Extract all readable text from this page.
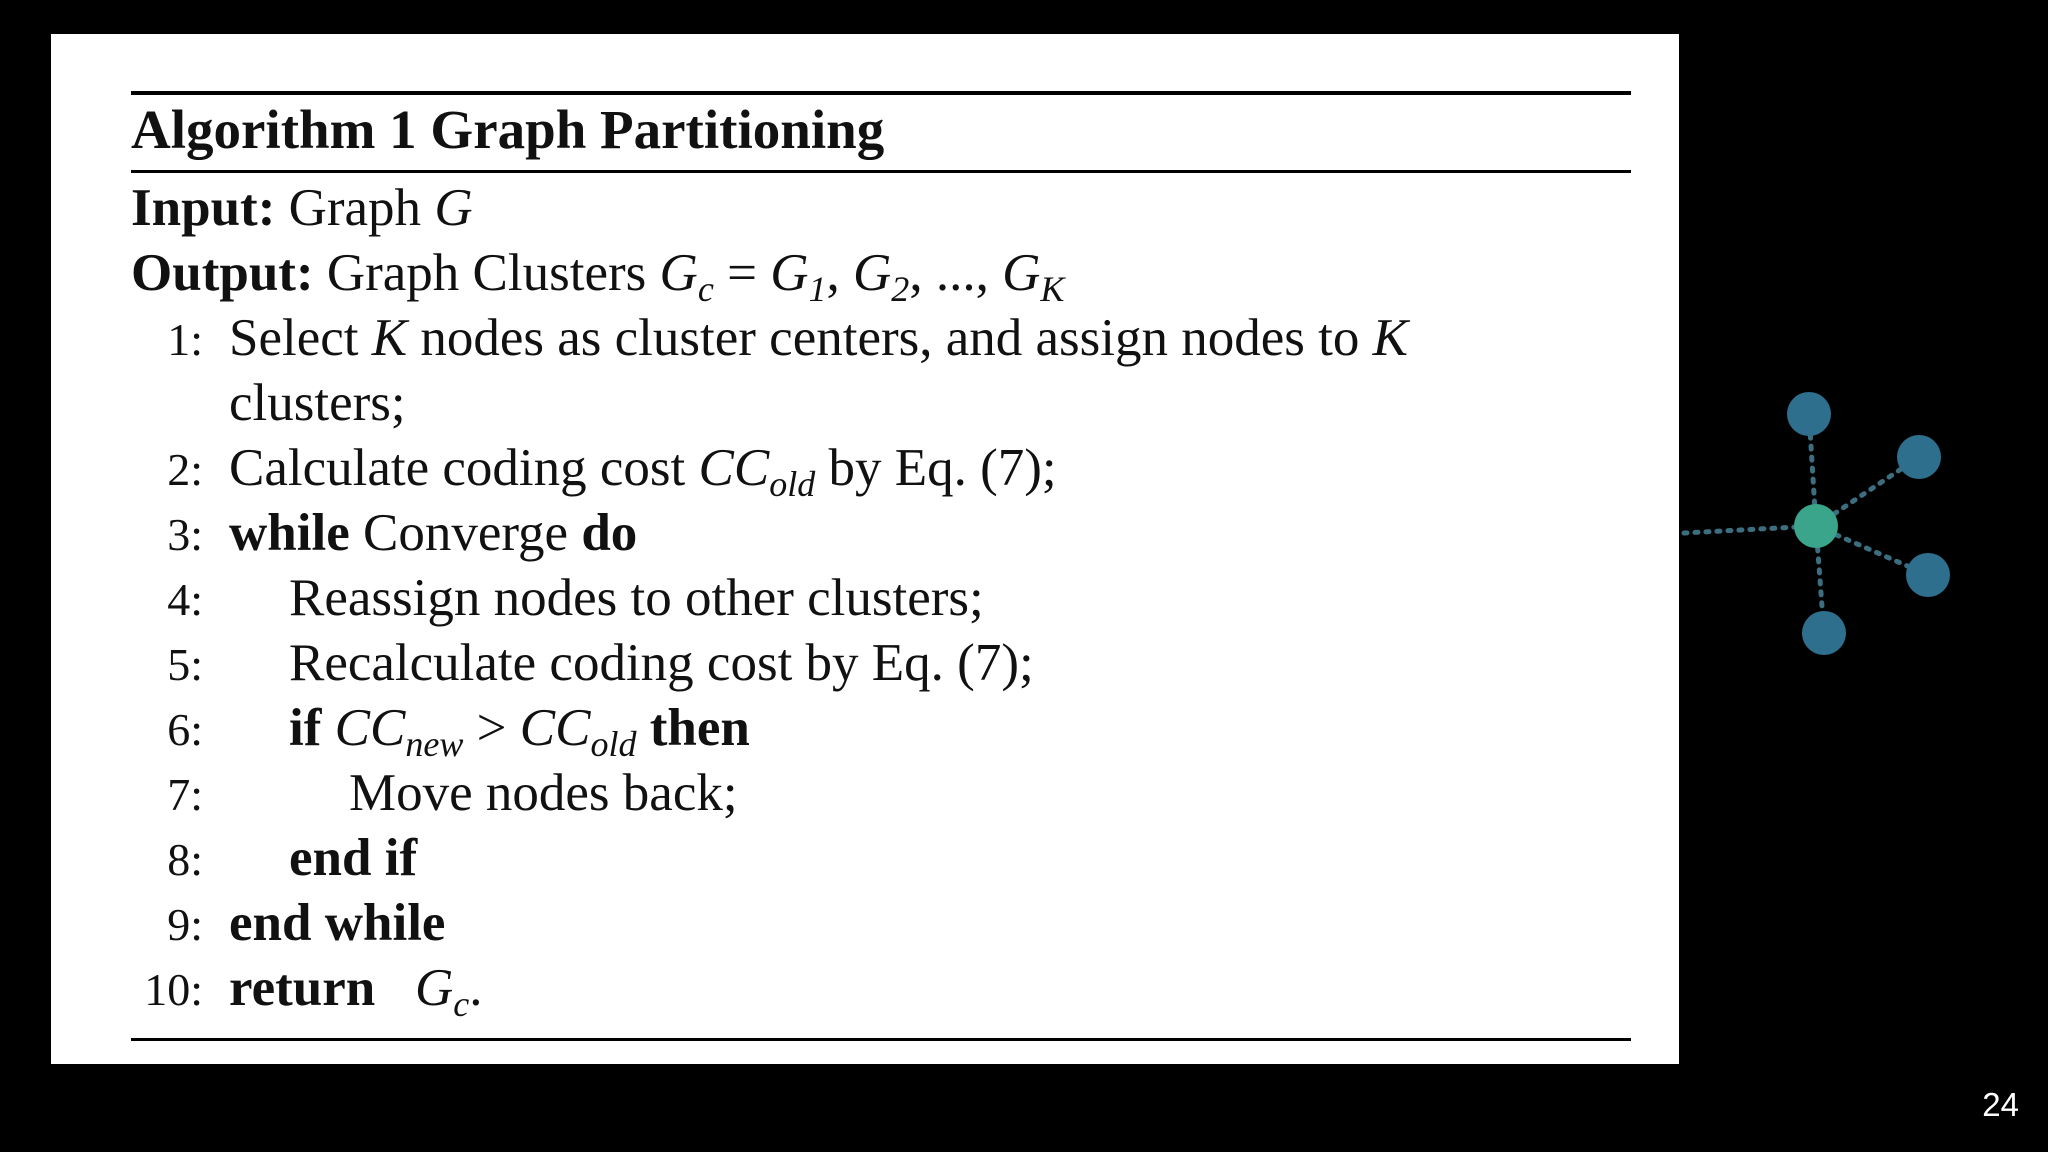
Algorithm 1 Graph Partitioning
Input: Graph G
Output: Graph Clusters $G_c = G_1$, $G_2$, ..., $G_K$
1: Select K nodes as cluster centers, and assign nodes to K
clusters;
2: Calculate coding cost $CC_{old}$ by Eq. (7);
3: while Converge do
4: Reassign nodes to other clusters;
5: Recalculate coding cost by Eq. (7);
6: if $CC_{new} > CC_{old}$ then
7:	Move nodes back;
8: end if
9: end while
10: return $G_c$.
24
